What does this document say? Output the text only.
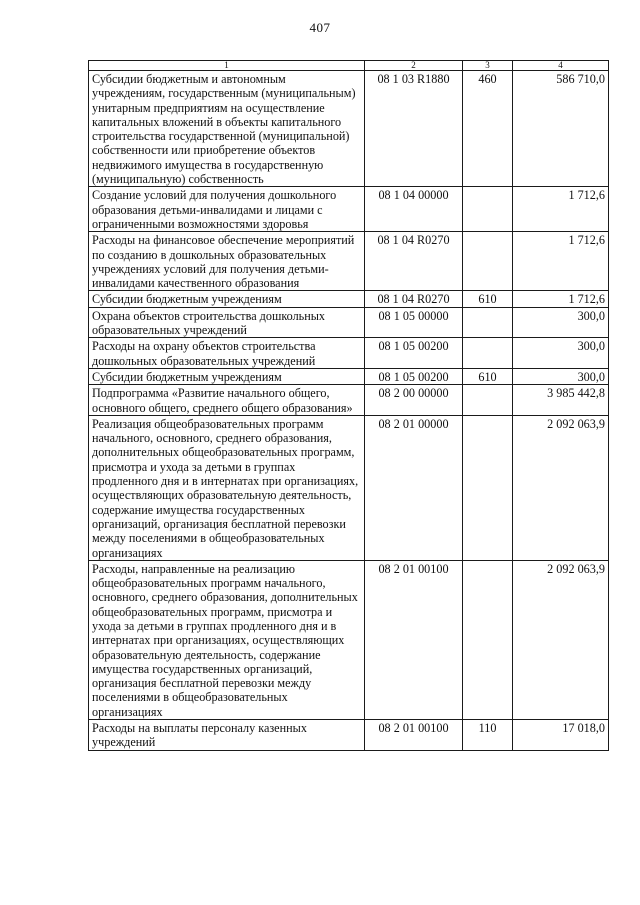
407
1	2	3	4
Субсидии бюджетным и автономным учреждениям, государственным (муниципальным) унитарным предприятиям на осуществление капитальных вложений в объекты капитального строительства государственной (муниципальной) собственности или приобретение объектов недвижимого имущества в государственную (муниципальную) собственность	08 1 03 R1880	460	586 710,0
Создание условий для получения дошкольного образования детьми-инвалидами и лицами с ограниченными возможностями здоровья	08 1 04 00000		1 712,6
Расходы на финансовое обеспечение мероприятий по созданию в дошкольных образовательных учреждениях условий для получения детьми-инвалидами качественного образования	08 1 04 R0270		1 712,6
Субсидии бюджетным учреждениям	08 1 04 R0270	610	1 712,6
Охрана объектов строительства дошкольных образовательных учреждений	08 1 05 00000		300,0
Расходы на охрану объектов строительства дошкольных образовательных учреждений	08 1 05 00200		300,0
Субсидии бюджетным учреждениям	08 1 05 00200	610	300,0
Подпрограмма «Развитие начального общего, основного общего, среднего общего образования»	08 2 00 00000		3 985 442,8
Реализация общеобразовательных программ начального, основного, среднего образования, дополнительных общеобразовательных программ, присмотра и ухода за детьми в группах продленного дня и в интернатах при организациях, осуществляющих образовательную деятельность, содержание имущества государственных организаций, организация бесплатной перевозки между поселениями в общеобразовательных организациях	08 2 01 00000		2 092 063,9
Расходы, направленные на реализацию общеобразовательных программ начального, основного, среднего образования, дополнительных общеобразовательных программ, присмотра и ухода за детьми в группах продленного дня и в интернатах при организациях, осуществляющих образовательную деятельность, содержание имущества государственных организаций, организация бесплатной перевозки между поселениями в общеобразовательных организациях	08 2 01 00100		2 092 063,9
Расходы на выплаты персоналу казенных учреждений	08 2 01 00100	110	17 018,0
